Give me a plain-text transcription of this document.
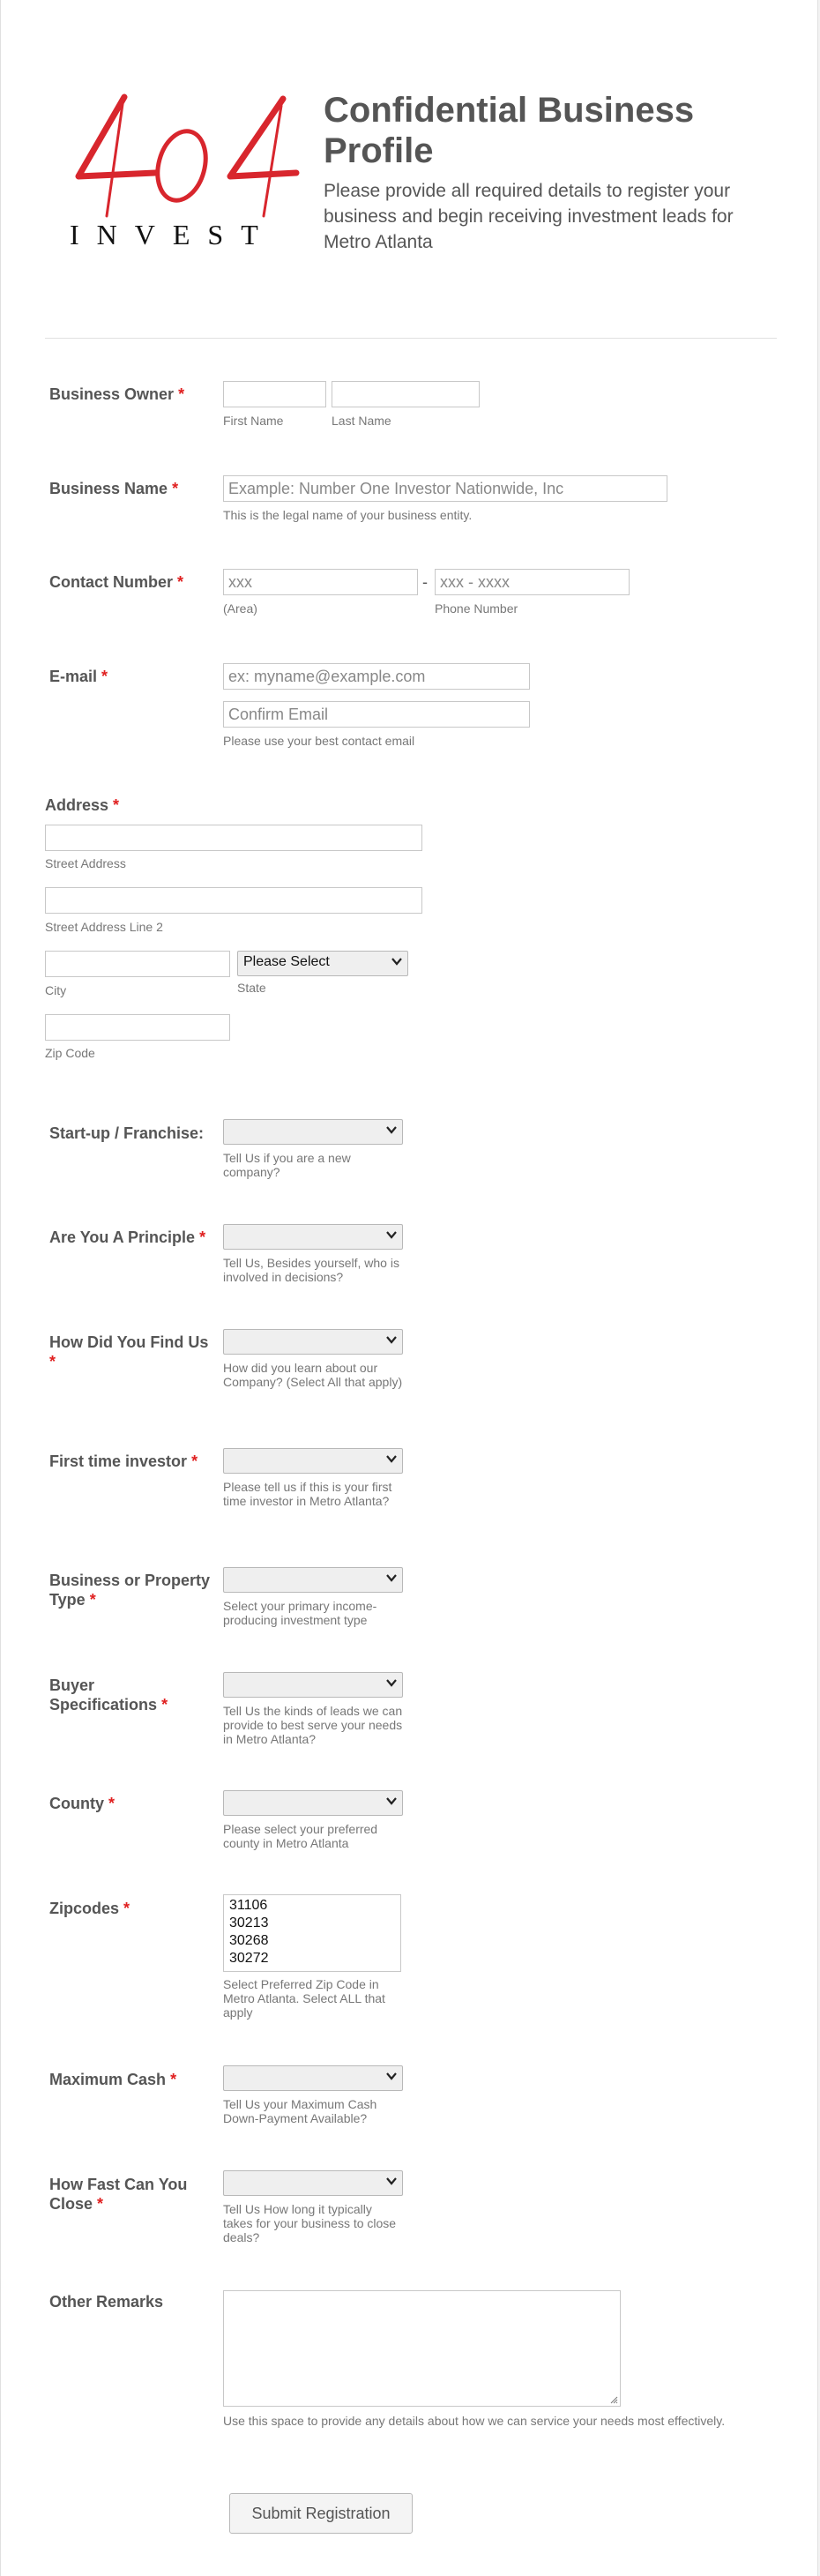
INVEST
Confidential Business Profile
Please provide all required details to register your business and begin receiving investment leads for Metro Atlanta
Business Owner *
First Name	Last Name
Business Name *	Example: Number One Investor Nationwide, Inc
This is the legal name of your business entity.
Contact Number *	xxx	- xxx - xxxx
(Area)	Phone Number
E-mail *	ex: myname@example.com
Confirm Email
Please use your best contact email
Address *
Street Address
Street Address Line 2
City
Please Select
State
Zip Code
Start-up / Franchise:
Tell Us if you are a new company?
Are You A Principle *
Tell Us, Besides yourself, who is involved in decisions?
How Did You Find Us *	How did you learn about our Company? (Select All that apply)
First time investor *
Please tell us if this is your first time investor in Metro Atlanta?
Business or Property Type *	Select your primary income-producing investment type
Buyer Specifications *	Tell Us the kinds of leads we can provide to best serve your needs in Metro Atlanta?
County *
Please select your preferred county in Metro Atlanta
Zipcodes *	31106
30213
30268
30272
Select Preferred Zip Code in Metro Atlanta. Select ALL that apply
Maximum Cash *
Tell Us your Maximum Cash Down-Payment Available?
How Fast Can You Close *	Tell Us How long it typically takes for your business to close deals?
Other Remarks
Use this space to provide any details about how we can service your needs most effectively.
Submit Registration
